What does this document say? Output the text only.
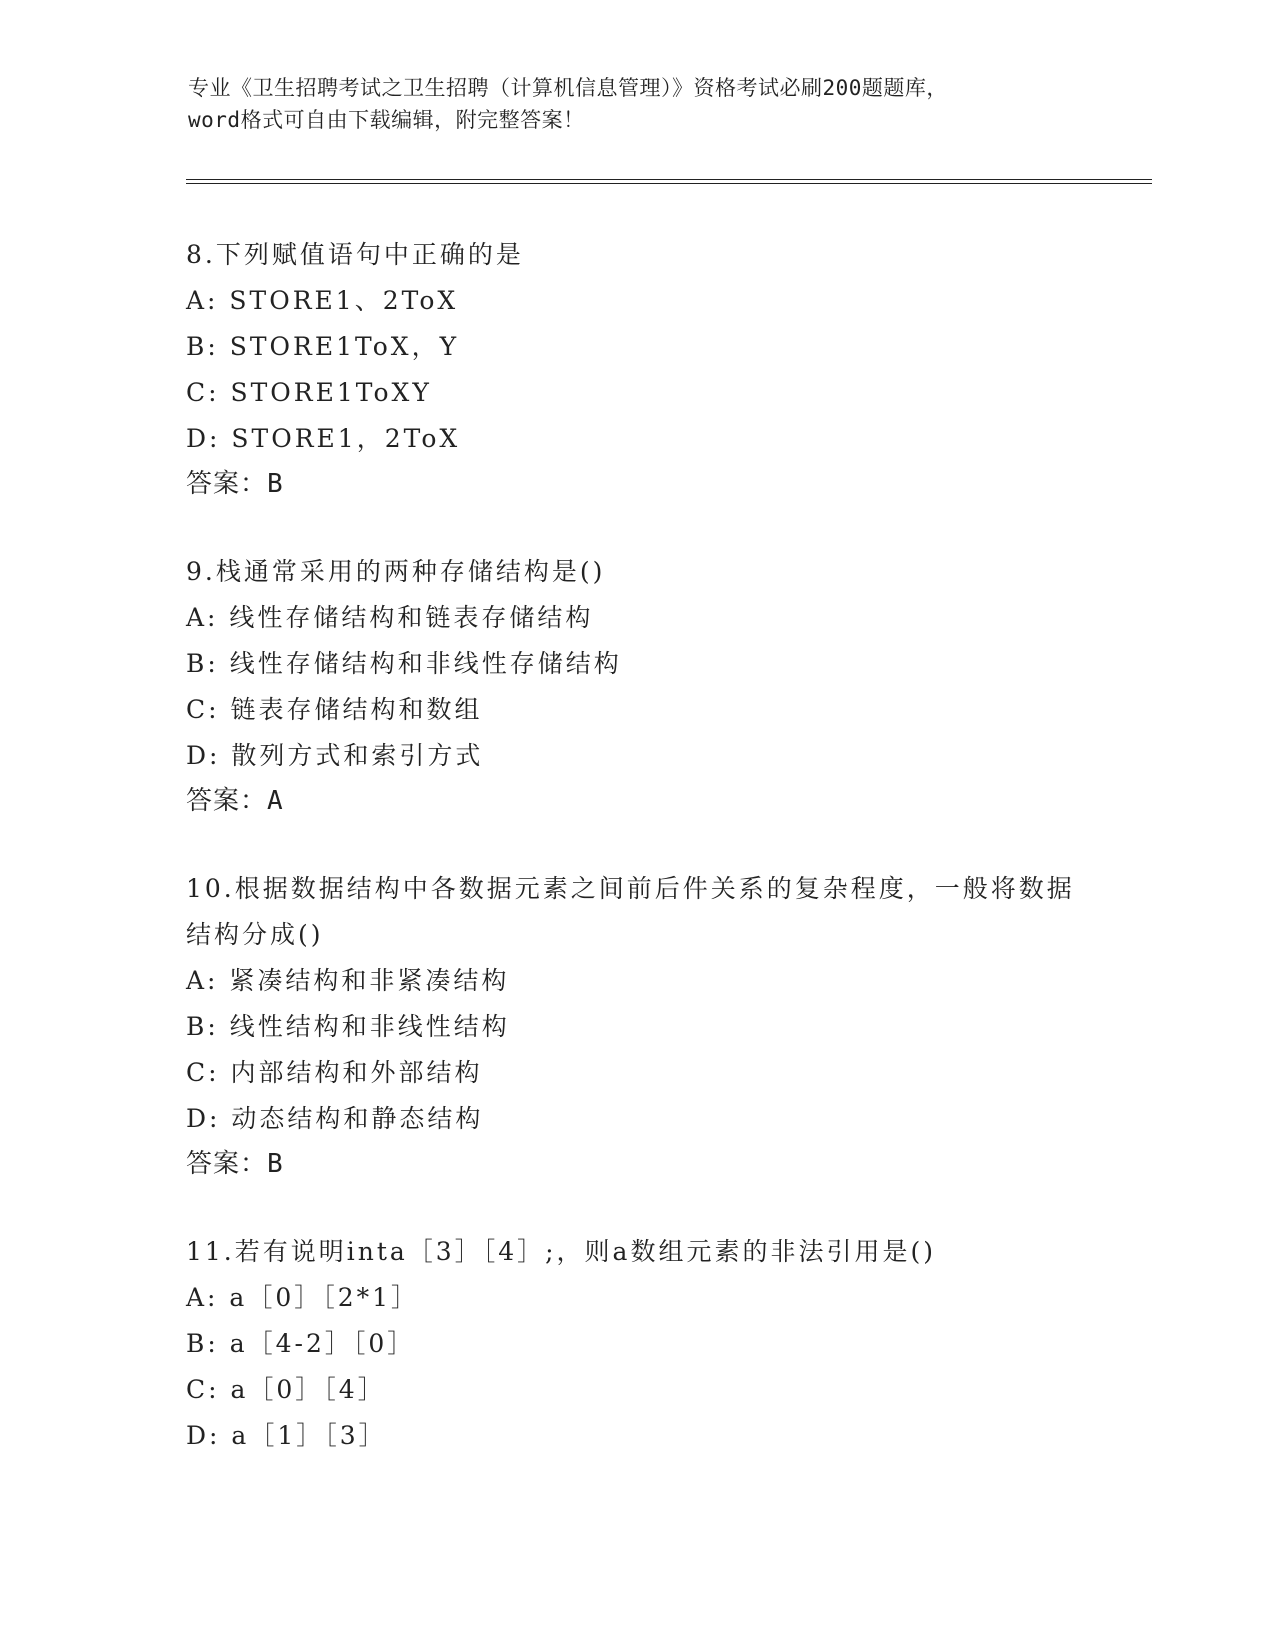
专业《卫生招聘考试之卫生招聘（计算机信息管理）》资格考试必刷200题题库，
word格式可自由下载编辑，附完整答案！
8.下列赋值语句中正确的是
A: STORE1、2ToX
B: STORE1ToX，Y
C: STORE1ToXY
D: STORE1，2ToX
答案：B
9.栈通常采用的两种存储结构是()
A: 线性存储结构和链表存储结构
B: 线性存储结构和非线性存储结构
C: 链表存储结构和数组
D: 散列方式和索引方式
答案：A
10.根据数据结构中各数据元素之间前后件关系的复杂程度，一般将数据结构分成()
A: 紧凑结构和非紧凑结构
B: 线性结构和非线性结构
C: 内部结构和外部结构
D: 动态结构和静态结构
答案：B
11.若有说明inta［3］［4］;，则a数组元素的非法引用是()
A: a［0］［2*1］
B: a［4-2］［0］
C: a［0］［4］
D: a［1］［3］
